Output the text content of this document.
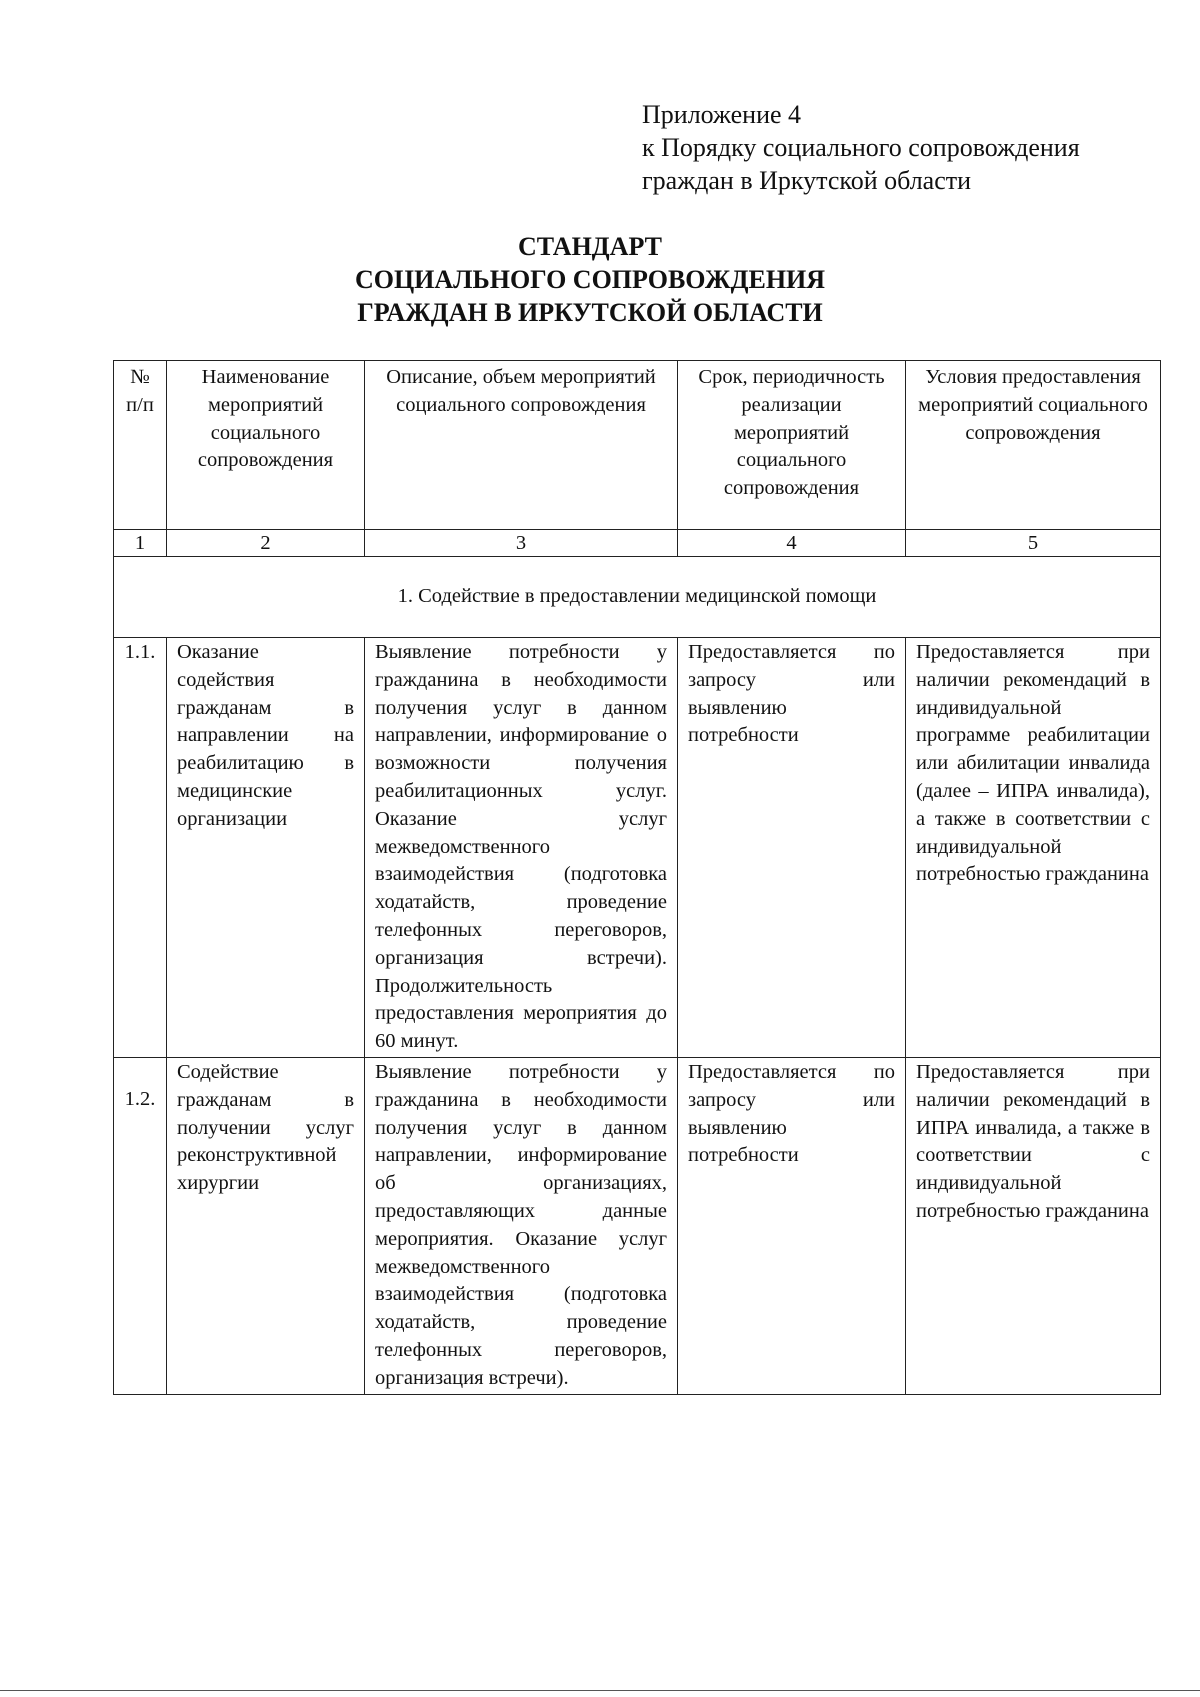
Приложение 4
к Порядку социального сопровождения
граждан в Иркутской области
СТАНДАРТ
СОЦИАЛЬНОГО СОПРОВОЖДЕНИЯ
ГРАЖДАН В ИРКУТСКОЙ ОБЛАСТИ
№ п/п	Наименование мероприятий социального сопровождения	Описание, объем мероприятий социального сопровождения	Срок, периодичность реализации мероприятий социального сопровождения	Условия предоставления мероприятий социального сопровождения
1	2	3	4	5
1. Содействие в предоставлении медицинской помощи				
1.1.	Оказание содействия гражданам в направлении на реабилитацию в медицинские организации	Выявление потребности у гражданина в необходимости получения услуг в данном направлении, информирование о возможности получения реабилитационных услуг. Оказание услуг межведомственного взаимодействия (подготовка ходатайств, проведение телефонных переговоров, организация встречи). Продолжительность предоставления мероприятия до 60 минут.	Предоставляется по запросу или выявлению потребности	Предоставляется при наличии рекомендаций в индивидуальной программе реабилитации или абилитации инвалида (далее – ИПРА инвалида), а также в соответствии с индивидуальной потребностью гражданина
1.2.	Содействие гражданам в получении услуг реконструктивной хирургии	Выявление потребности у гражданина в необходимости получения услуг в данном направлении, информирование об организациях, предоставляющих данные мероприятия. Оказание услуг межведомственного взаимодействия (подготовка ходатайств, проведение телефонных переговоров, организация встречи).	Предоставляется по запросу или выявлению потребности	Предоставляется при наличии рекомендаций в ИПРА инвалида, а также в соответствии с индивидуальной потребностью гражданина
